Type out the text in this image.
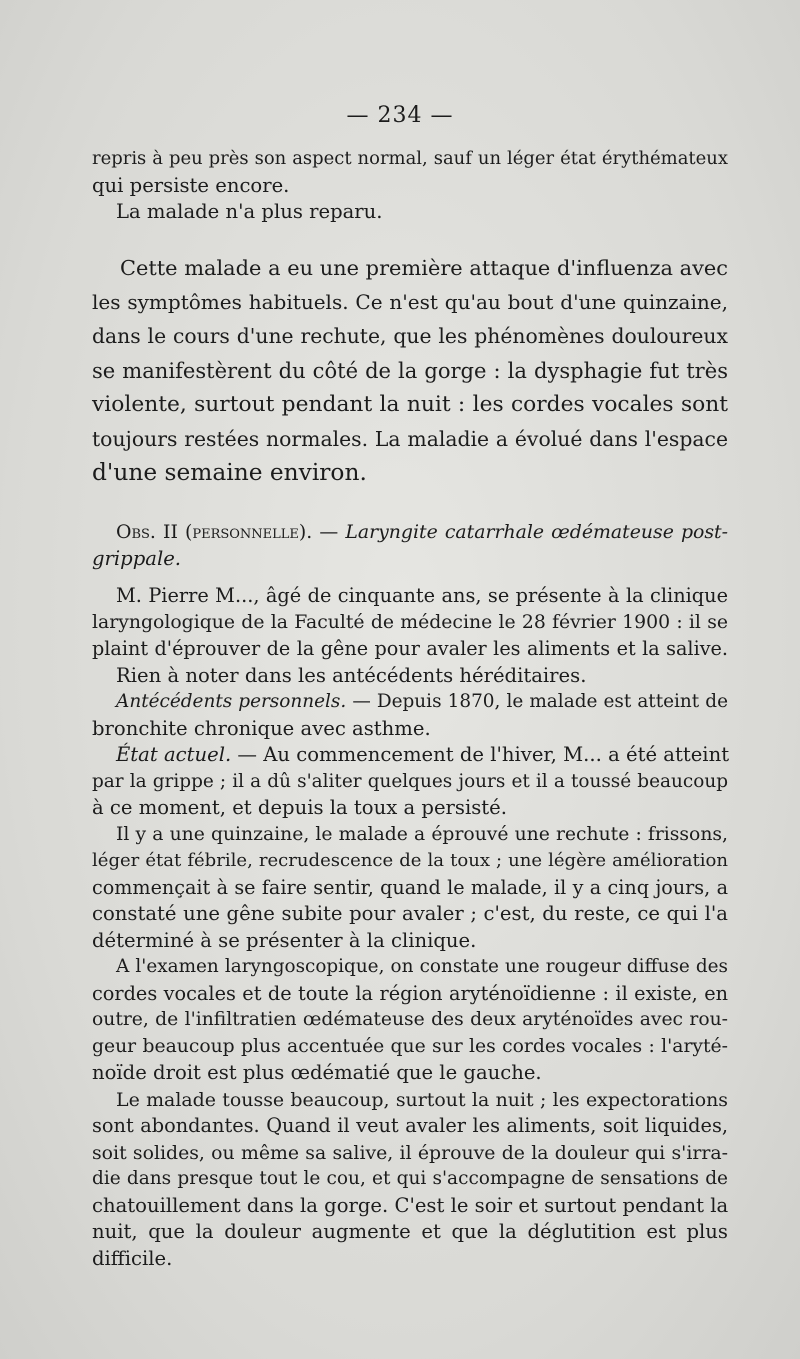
— 234 —
repris à peu près son aspect normal, sauf un léger état érythémateux
qui persiste encore.
La malade n'a plus reparu.
Cette malade a eu une première attaque d'influenza avec
les symptômes habituels. Ce n'est qu'au bout d'une quinzaine,
dans le cours d'une rechute, que les phénomènes douloureux
se manifestèrent du côté de la gorge : la dysphagie fut très
violente, surtout pendant la nuit : les cordes vocales sont
toujours restées normales. La maladie a évolué dans l'espace
d'une semaine environ.
Obs. II (personnelle). — Laryngite catarrhale œdémateuse post-
grippale.
M. Pierre M..., âgé de cinquante ans, se présente à la clinique
laryngologique de la Faculté de médecine le 28 février 1900 : il se
plaint d'éprouver de la gêne pour avaler les aliments et la salive.
Rien à noter dans les antécédents héréditaires.
Antécédents personnels. — Depuis 1870, le malade est atteint de
bronchite chronique avec asthme.
État actuel. — Au commencement de l'hiver, M... a été atteint
par la grippe ; il a dû s'aliter quelques jours et il a toussé beaucoup
à ce moment, et depuis la toux a persisté.
Il y a une quinzaine, le malade a éprouvé une rechute : frissons,
léger état fébrile, recrudescence de la toux ; une légère amélioration
commençait à se faire sentir, quand le malade, il y a cinq jours, a
constaté une gêne subite pour avaler ; c'est, du reste, ce qui l'a
déterminé à se présenter à la clinique.
A l'examen laryngoscopique, on constate une rougeur diffuse des
cordes vocales et de toute la région aryténoïdienne : il existe, en
outre, de l'infiltratien œdémateuse des deux aryténoïdes avec rou-
geur beaucoup plus accentuée que sur les cordes vocales : l'aryté-
noïde droit est plus œdématié que le gauche.
Le malade tousse beaucoup, surtout la nuit ; les expectorations
sont abondantes. Quand il veut avaler les aliments, soit liquides,
soit solides, ou même sa salive, il éprouve de la douleur qui s'irra-
die dans presque tout le cou, et qui s'accompagne de sensations de
chatouillement dans la gorge. C'est le soir et surtout pendant la
nuit, que la douleur augmente et que la déglutition est plus
difficile.
